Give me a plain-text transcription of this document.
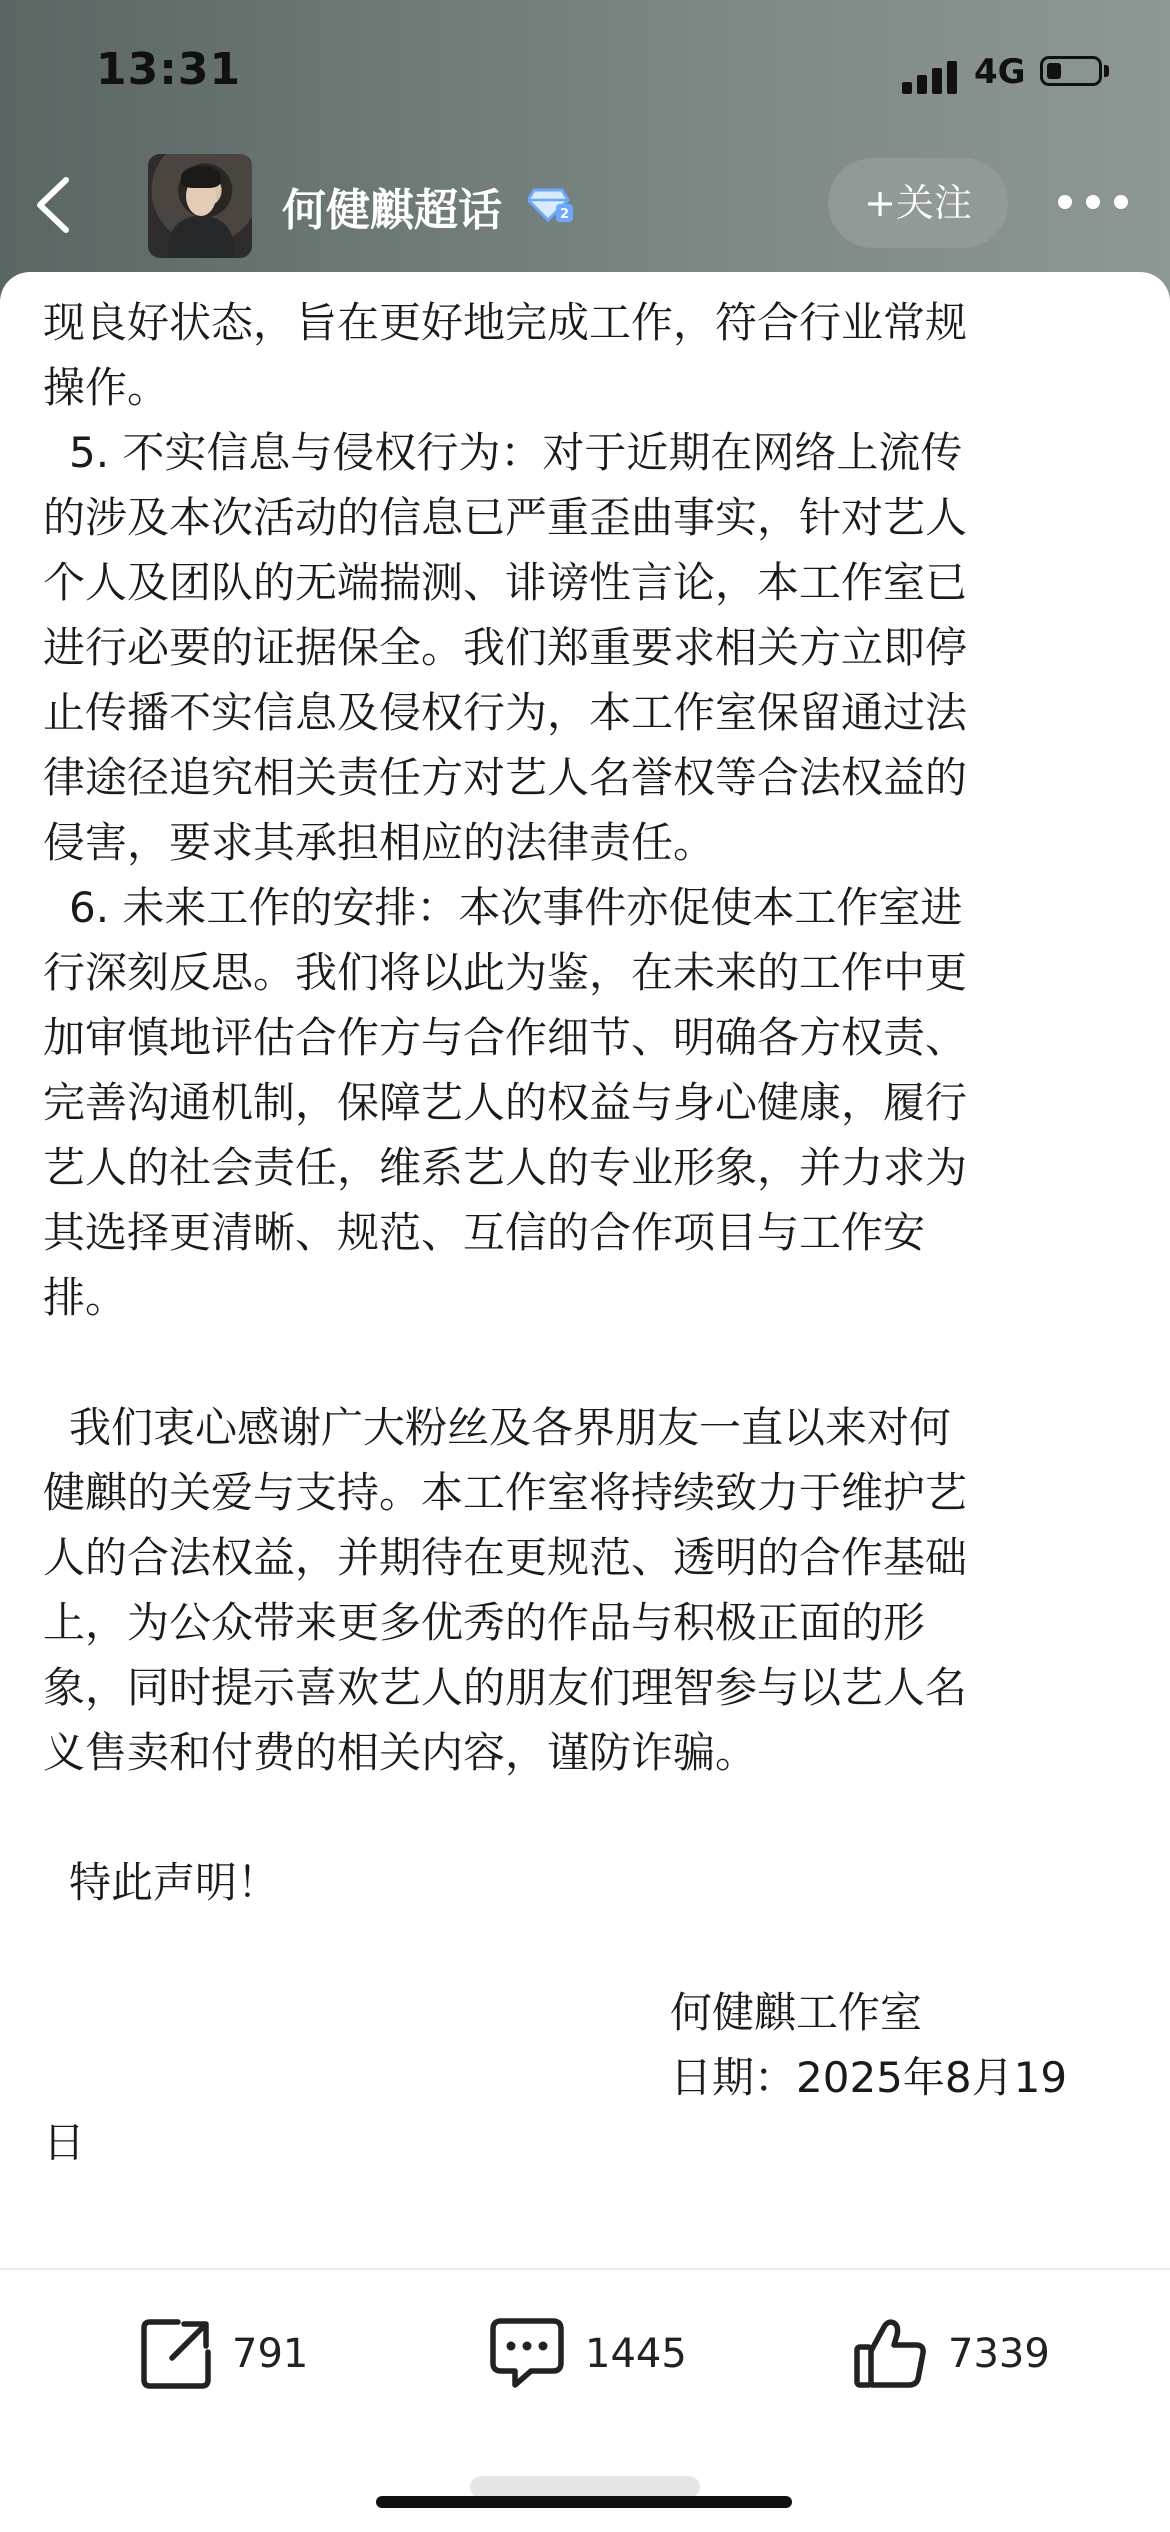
13:31	4G
何健麒超话	2	+关注

现良好状态，旨在更好地完成工作，符合行业常规

操作。

5. 不实信息与侵权行为：对于近期在网络上流传

的涉及本次活动的信息已严重歪曲事实，针对艺人

个人及团队的无端揣测、诽谤性言论，本工作室已

进行必要的证据保全。我们郑重要求相关方立即停

止传播不实信息及侵权行为，本工作室保留通过法

律途径追究相关责任方对艺人名誉权等合法权益的

侵害，要求其承担相应的法律责任。

6. 未来工作的安排：本次事件亦促使本工作室进

行深刻反思。我们将以此为鉴，在未来的工作中更

加审慎地评估合作方与合作细节、明确各方权责、

完善沟通机制，保障艺人的权益与身心健康，履行

艺人的社会责任，维系艺人的专业形象，并力求为

其选择更清晰、规范、互信的合作项目与工作安

排。

我们衷心感谢广大粉丝及各界朋友一直以来对何

健麒的关爱与支持。本工作室将持续致力于维护艺

人的合法权益，并期待在更规范、透明的合作基础

上，为公众带来更多优秀的作品与积极正面的形

象，同时提示喜欢艺人的朋友们理智参与以艺人名

义售卖和付费的相关内容，谨防诈骗。

特此声明！

何健麒工作室

日期：2025年8月19

日

791	1445	7339
